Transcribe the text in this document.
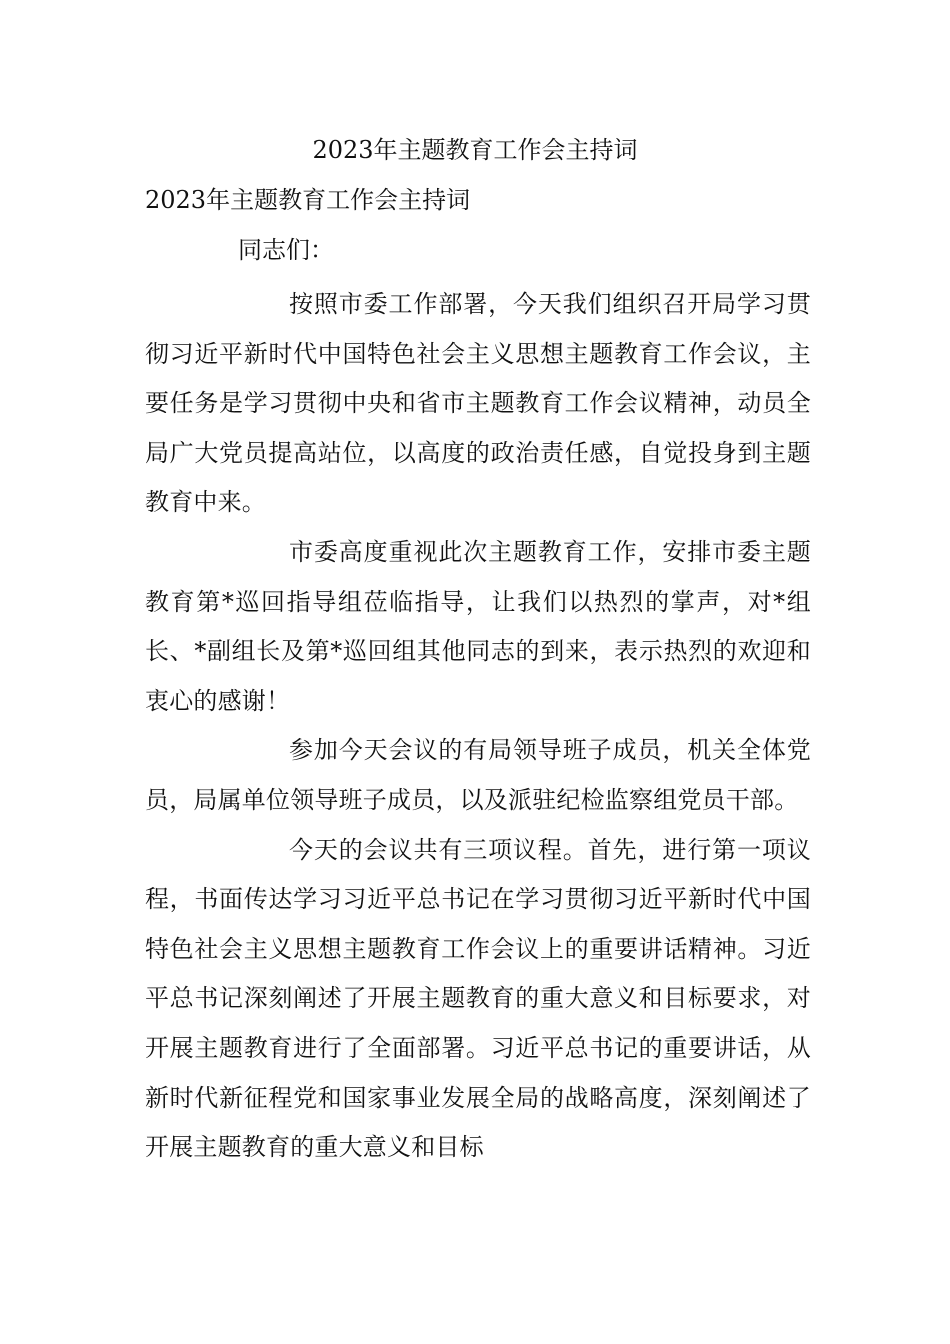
2023年主题教育工作会主持词

2023年主题教育工作会主持词

同志们：

按照市委工作部署，今天我们组织召开局学习贯彻习近平新时代中国特色社会主义思想主题教育工作会议，主要任务是学习贯彻中央和省市主题教育工作会议精神，动员全局广大党员提高站位，以高度的政治责任感，自觉投身到主题教育中来。

市委高度重视此次主题教育工作，安排市委主题教育第*巡回指导组莅临指导，让我们以热烈的掌声，对*组长、*副组长及第*巡回组其他同志的到来，表示热烈的欢迎和衷心的感谢！

参加今天会议的有局领导班子成员，机关全体党员，局属单位领导班子成员，以及派驻纪检监察组党员干部。

今天的会议共有三项议程。首先，进行第一项议程，书面传达学习习近平总书记在学习贯彻习近平新时代中国特色社会主义思想主题教育工作会议上的重要讲话精神。习近平总书记深刻阐述了开展主题教育的重大意义和目标要求，对开展主题教育进行了全面部署。习近平总书记的重要讲话，从新时代新征程党和国家事业发展全局的战略高度，深刻阐述了开展主题教育的重大意义和目标
